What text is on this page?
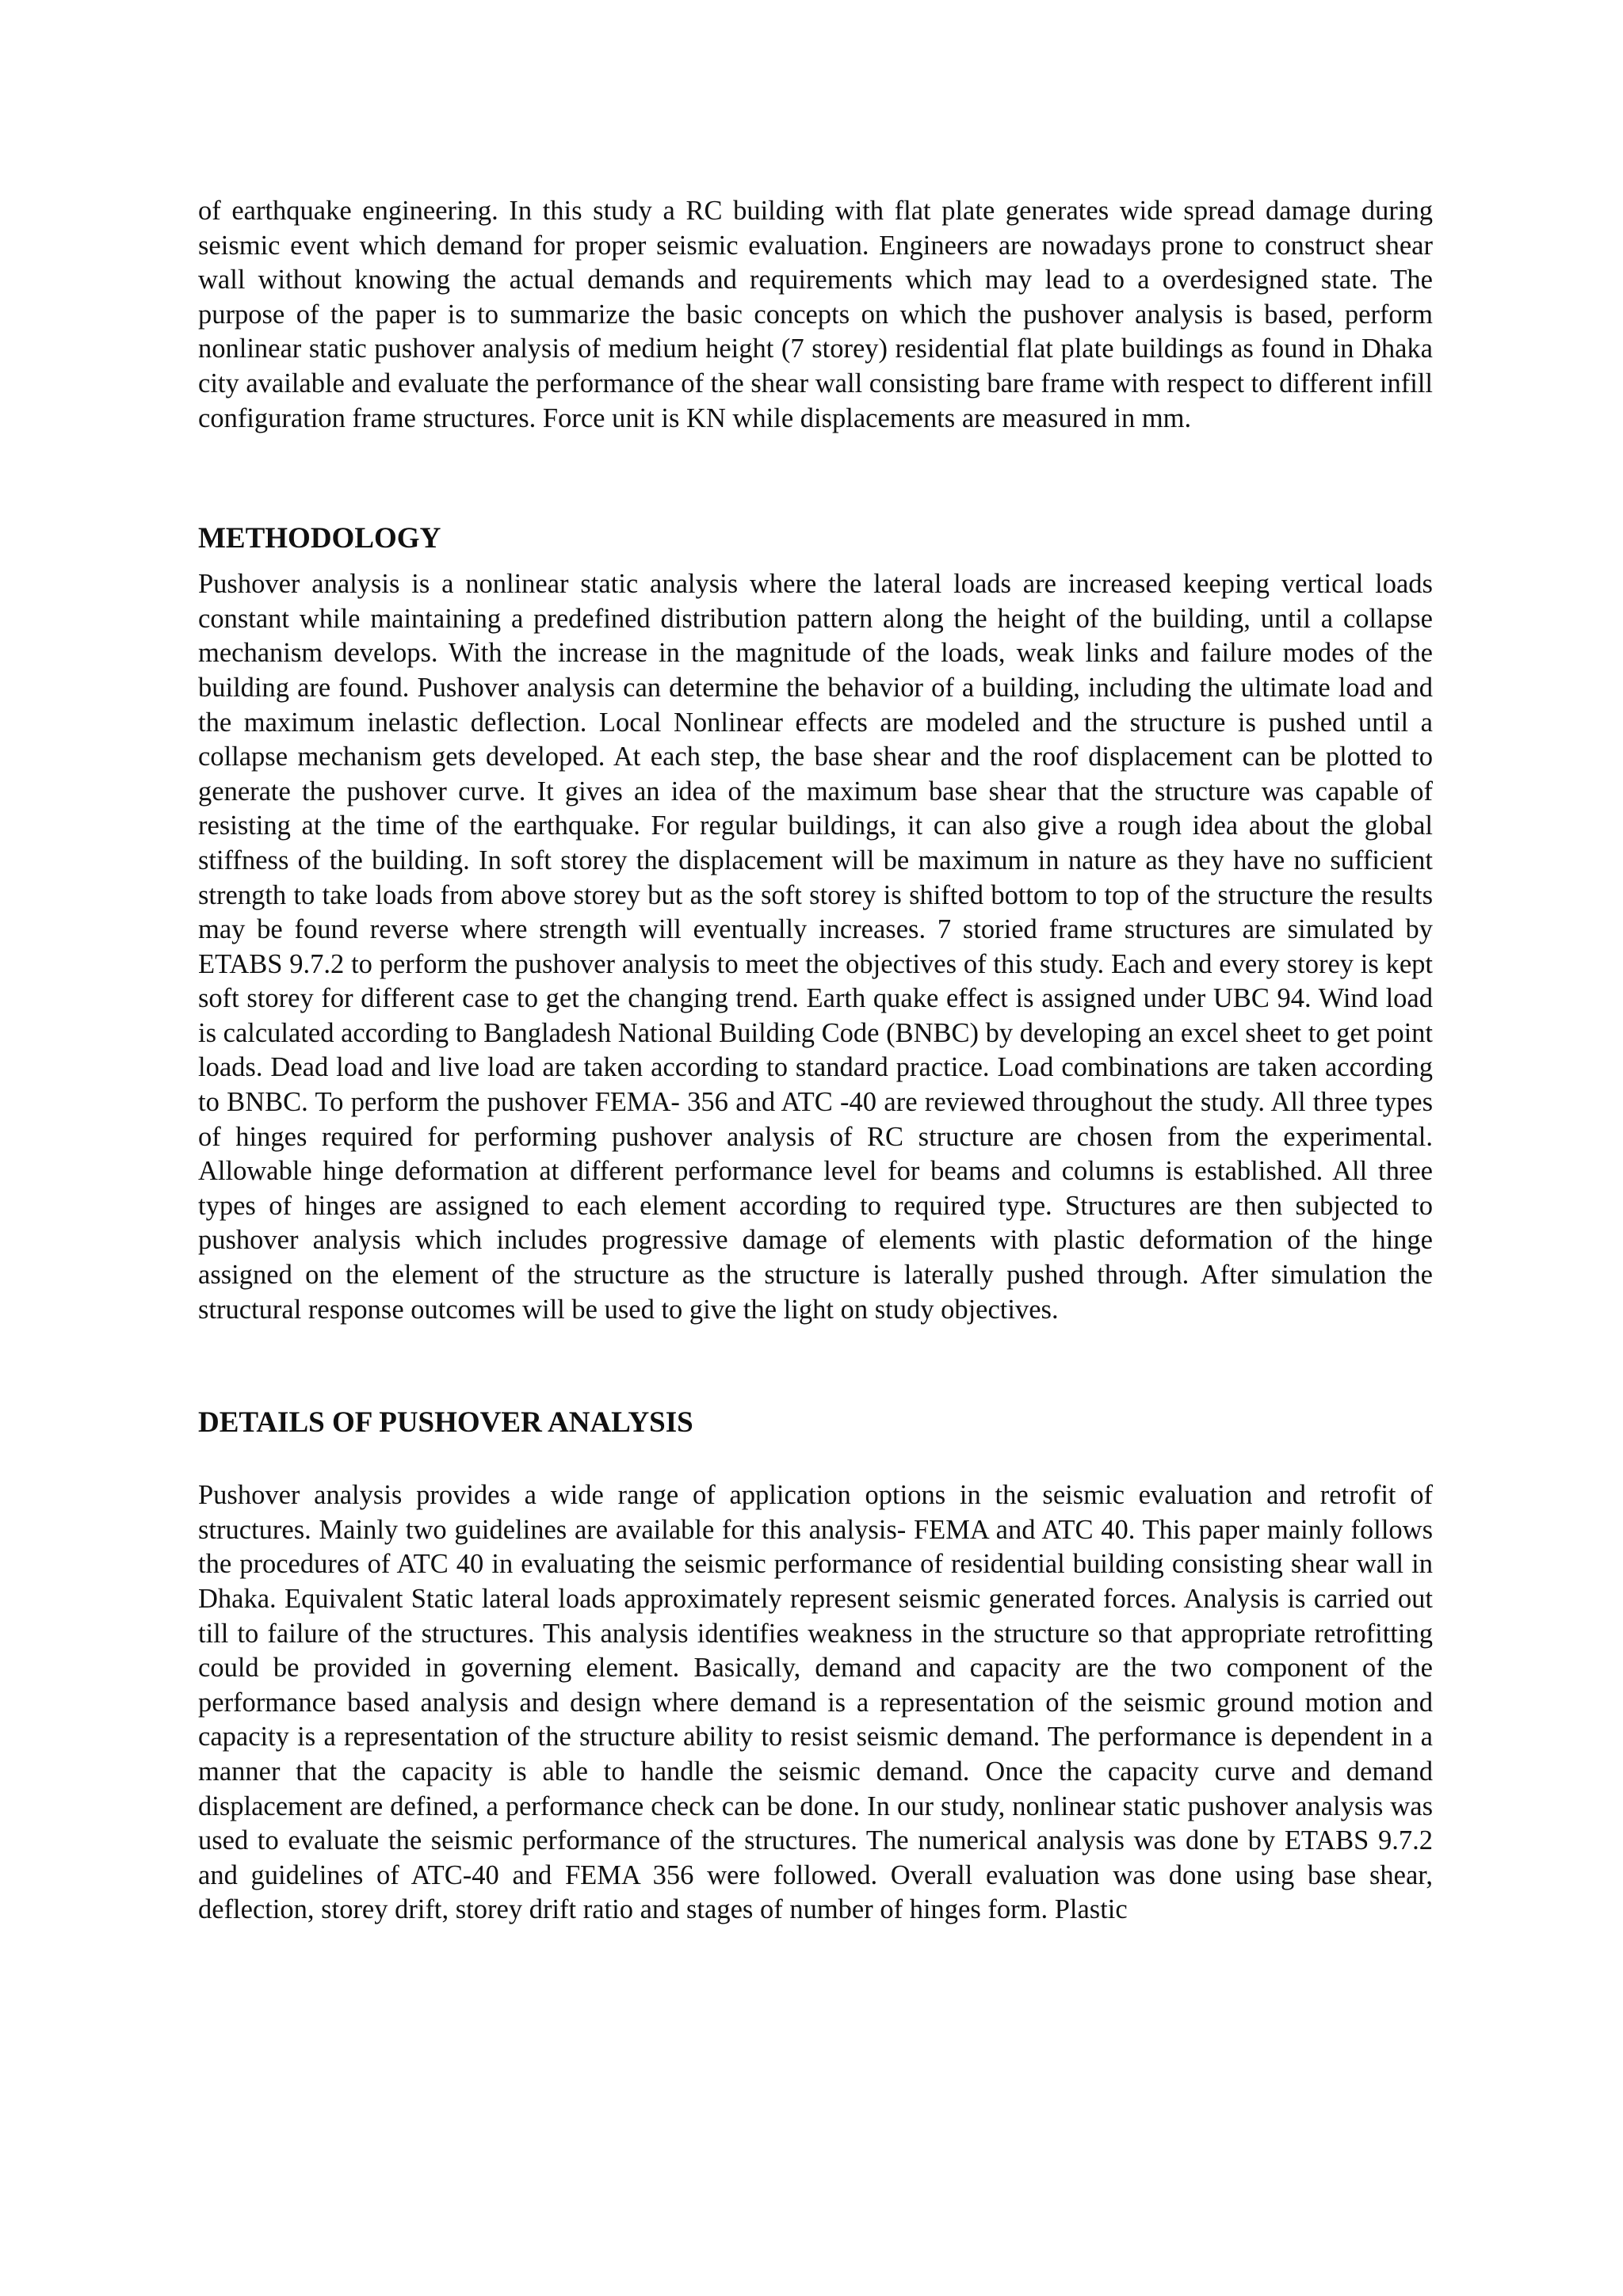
of earthquake engineering. In this study a RC building with flat plate generates wide spread damage during seismic event which demand for proper seismic evaluation. Engineers are nowadays prone to construct shear wall without knowing the actual demands and requirements which may lead to a overdesigned state. The purpose of the paper is to summarize the basic concepts on which the pushover analysis is based, perform nonlinear static pushover analysis of medium height (7 storey) residential flat plate buildings as found in Dhaka city available and evaluate the performance of the shear wall consisting bare frame with respect to different infill configuration frame structures. Force unit is KN while displacements are measured in mm.

METHODOLOGY

Pushover analysis is a nonlinear static analysis where the lateral loads are increased keeping vertical loads constant while maintaining a predefined distribution pattern along the height of the building, until a collapse mechanism develops. With the increase in the magnitude of the loads, weak links and failure modes of the building are found. Pushover analysis can determine the behavior of a building, including the ultimate load and the maximum inelastic deflection. Local Nonlinear effects are modeled and the structure is pushed until a collapse mechanism gets developed. At each step, the base shear and the roof displacement can be plotted to generate the pushover curve. It gives an idea of the maximum base shear that the structure was capable of resisting at the time of the earthquake. For regular buildings, it can also give a rough idea about the global stiffness of the building. In soft storey the displacement will be maximum in nature as they have no sufficient strength to take loads from above storey but as the soft storey is shifted bottom to top of the structure the results may be found reverse where strength will eventually increases. 7 storied frame structures are simulated by ETABS 9.7.2 to perform the pushover analysis to meet the objectives of this study. Each and every storey is kept soft storey for different case to get the changing trend. Earth quake effect is assigned under UBC 94. Wind load is calculated according to Bangladesh National Building Code (BNBC) by developing an excel sheet to get point loads. Dead load and live load are taken according to standard practice. Load combinations are taken according to BNBC. To perform the pushover FEMA- 356 and ATC -40 are reviewed throughout the study. All three types of hinges required for performing pushover analysis of RC structure are chosen from the experimental. Allowable hinge deformation at different performance level for beams and columns is established. All three types of hinges are assigned to each element according to required type. Structures are then subjected to pushover analysis which includes progressive damage of elements with plastic deformation of the hinge assigned on the element of the structure as the structure is laterally pushed through. After simulation the structural response outcomes will be used to give the light on study objectives.

DETAILS OF PUSHOVER ANALYSIS

Pushover analysis provides a wide range of application options in the seismic evaluation and retrofit of structures. Mainly two guidelines are available for this analysis- FEMA and ATC 40. This paper mainly follows the procedures of ATC 40 in evaluating the seismic performance of residential building consisting shear wall in Dhaka. Equivalent Static lateral loads approximately represent seismic generated forces. Analysis is carried out till to failure of the structures. This analysis identifies weakness in the structure so that appropriate retrofitting could be provided in governing element. Basically, demand and capacity are the two component of the performance based analysis and design where demand is a representation of the seismic ground motion and capacity is a representation of the structure ability to resist seismic demand. The performance is dependent in a manner that the capacity is able to handle the seismic demand. Once the capacity curve and demand displacement are defined, a performance check can be done. In our study, nonlinear static pushover analysis was used to evaluate the seismic performance of the structures. The numerical analysis was done by ETABS 9.7.2 and guidelines of ATC-40 and FEMA 356 were followed. Overall evaluation was done using base shear, deflection, storey drift, storey drift ratio and stages of number of hinges form. Plastic
